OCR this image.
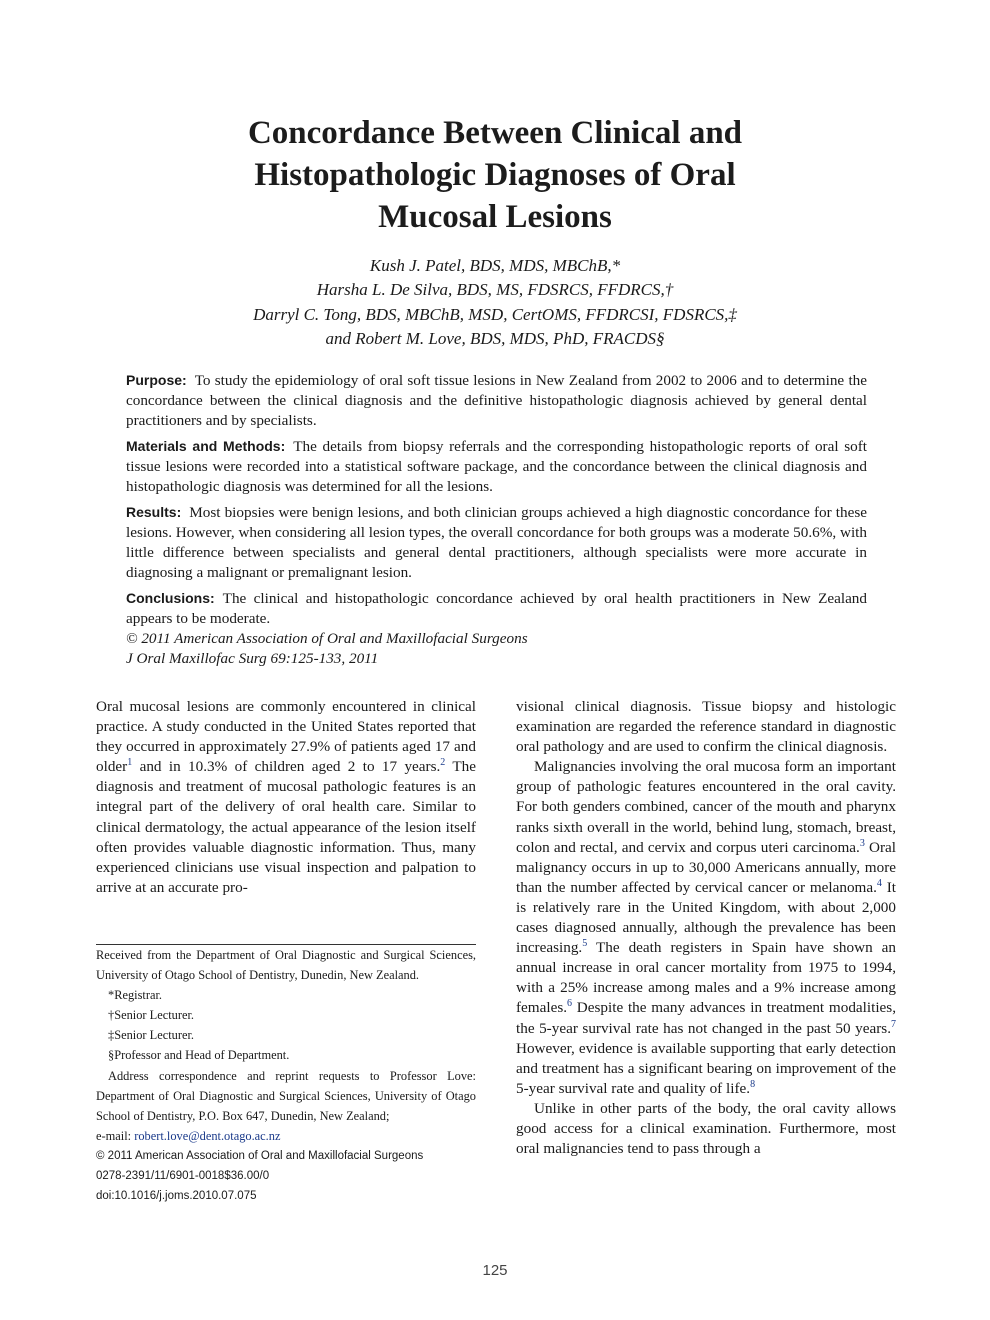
Concordance Between Clinical and
Histopathologic Diagnoses of Oral
Mucosal Lesions
Kush J. Patel, BDS, MDS, MBChB,*
Harsha L. De Silva, BDS, MS, FDSRCS, FFDRCS,†
Darryl C. Tong, BDS, MBChB, MSD, CertOMS, FFDRCSI, FDSRCS,‡
and Robert M. Love, BDS, MDS, PhD, FRACDS§

Purpose: To study the epidemiology of oral soft tissue lesions in New Zealand from 2002 to 2006 and to determine the concordance between the clinical diagnosis and the definitive histopathologic diagnosis achieved by general dental practitioners and by specialists.

Materials and Methods: The details from biopsy referrals and the corresponding histopathologic reports of oral soft tissue lesions were recorded into a statistical software package, and the concordance between the clinical diagnosis and histopathologic diagnosis was determined for all the lesions.

Results: Most biopsies were benign lesions, and both clinician groups achieved a high diagnostic concordance for these lesions. However, when considering all lesion types, the overall concordance for both groups was a moderate 50.6%, with little difference between specialists and general dental practitioners, although specialists were more accurate in diagnosing a malignant or premalignant lesion.

Conclusions: The clinical and histopathologic concordance achieved by oral health practitioners in New Zealand appears to be moderate.

© 2011 American Association of Oral and Maxillofacial Surgeons

J Oral Maxillofac Surg 69:125-133, 2011

Oral mucosal lesions are commonly encountered in clinical practice. A study conducted in the United States reported that they occurred in approximately 27.9% of patients aged 17 and older$^1$ and in 10.3% of children aged 2 to 17 years.$^2$ The diagnosis and treatment of mucosal pathologic features is an integral part of the delivery of oral health care. Similar to clinical dermatology, the actual appearance of the lesion itself often provides valuable diagnostic information. Thus, many experienced clinicians use visual inspection and palpation to arrive at an accurate pro-

Received from the Department of Oral Diagnostic and Surgical Sciences, University of Otago School of Dentistry, Dunedin, New Zealand.

*Registrar.

†Senior Lecturer.

‡Senior Lecturer.

§Professor and Head of Department.

Address correspondence and reprint requests to Professor Love: Department of Oral Diagnostic and Surgical Sciences, University of Otago School of Dentistry, P.O. Box 647, Dunedin, New Zealand;

e-mail: robert.love@dent.otago.ac.nz

© 2011 American Association of Oral and Maxillofacial Surgeons

0278-2391/11/6901-0018$36.00/0

doi:10.1016/j.joms.2010.07.075

visional clinical diagnosis. Tissue biopsy and histologic examination are regarded the reference standard in diagnostic oral pathology and are used to confirm the clinical diagnosis.

Malignancies involving the oral mucosa form an important group of pathologic features encountered in the oral cavity. For both genders combined, cancer of the mouth and pharynx ranks sixth overall in the world, behind lung, stomach, breast, colon and rectal, and cervix and corpus uteri carcinoma.$^3$ Oral malignancy occurs in up to 30,000 Americans annually, more than the number affected by cervical cancer or melanoma.$^4$ It is relatively rare in the United Kingdom, with about 2,000 cases diagnosed annually, although the prevalence has been increasing.$^5$ The death registers in Spain have shown an annual increase in oral cancer mortality from 1975 to 1994, with a 25% increase among males and a 9% increase among females.$^6$ Despite the many advances in treatment modalities, the 5-year survival rate has not changed in the past 50 years.$^7$ However, evidence is available supporting that early detection and treatment has a significant bearing on improvement of the 5-year survival rate and quality of life.$^8$

Unlike in other parts of the body, the oral cavity allows good access for a clinical examination. Furthermore, most oral malignancies tend to pass through a

125
